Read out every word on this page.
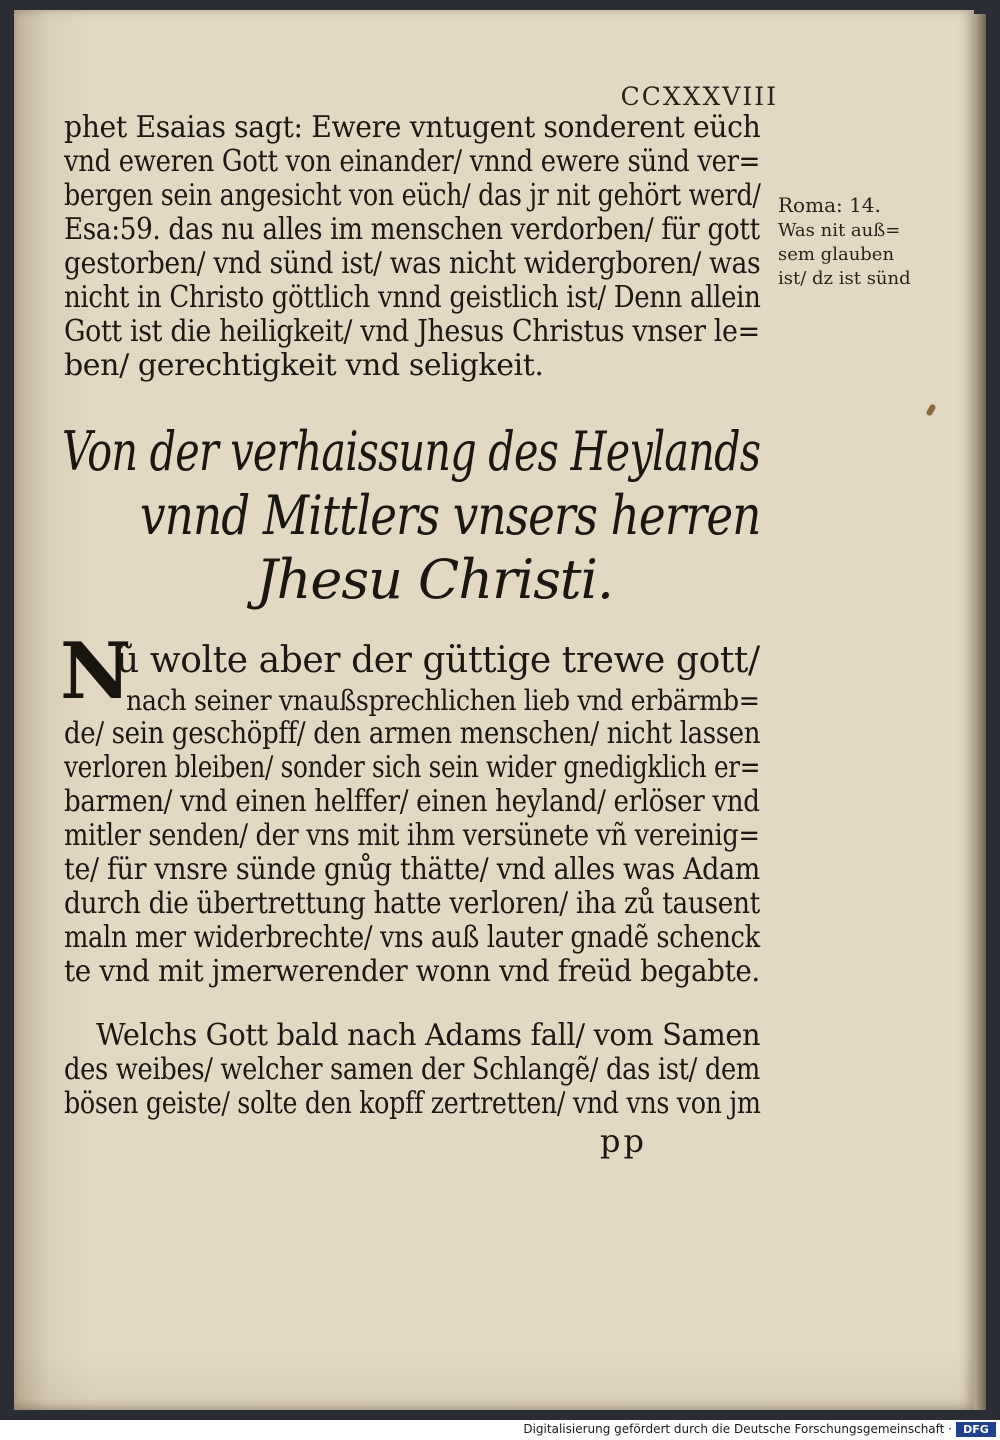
CCXXXVIII
phet Esaias sagt: Ewere vntugent sonderent eüch
vnd eweren Gott von einander/ vnnd ewere sünd ver=
bergen sein angesicht von eüch/ das jr nit gehört werd/
Esa:59. das nu alles im menschen verdorben/ für gott
gestorben/ vnd sünd ist/ was nicht widergboren/ was
nicht in Christo göttlich vnnd geistlich ist/ Denn allein
Gott ist die heiligkeit/ vnd Jhesus Christus vnser le=
ben/ gerechtigkeit vnd seligkeit.
Roma: 14.
Was nit auß=
sem glauben
ist/ dz ist sünd
Von der verhaissung des Heylands
vnnd Mittlers vnsers herren
Jhesu Christi.
N
ũ wolte aber der güttige trewe gott/
nach seiner vnaußsprechlichen lieb vnd erbärmb=
de/ sein geschöpff/ den armen menschen/ nicht lassen
verloren bleiben/ sonder sich sein wider gnedigklich er=
barmen/ vnd einen helffer/ einen heyland/ erlöser vnd
mitler senden/ der vns mit ihm versünete vñ vereinig=
te/ für vnsre sünde gnůg thätte/ vnd alles was Adam
durch die übertrettung hatte verloren/ iha zů tausent
maln mer widerbrechte/ vns auß lauter gnadẽ schenck
te vnd mit jmerwerender wonn vnd freüd begabte.
Welchs Gott bald nach Adams fall/ vom Samen
des weibes/ welcher samen der Schlangẽ/ das ist/ dem
bösen geiste/ solte den kopff zertretten/ vnd vns von jm
pp
Digitalisierung gefördert durch die Deutsche Forschungsgemeinschaft ·	DFG
